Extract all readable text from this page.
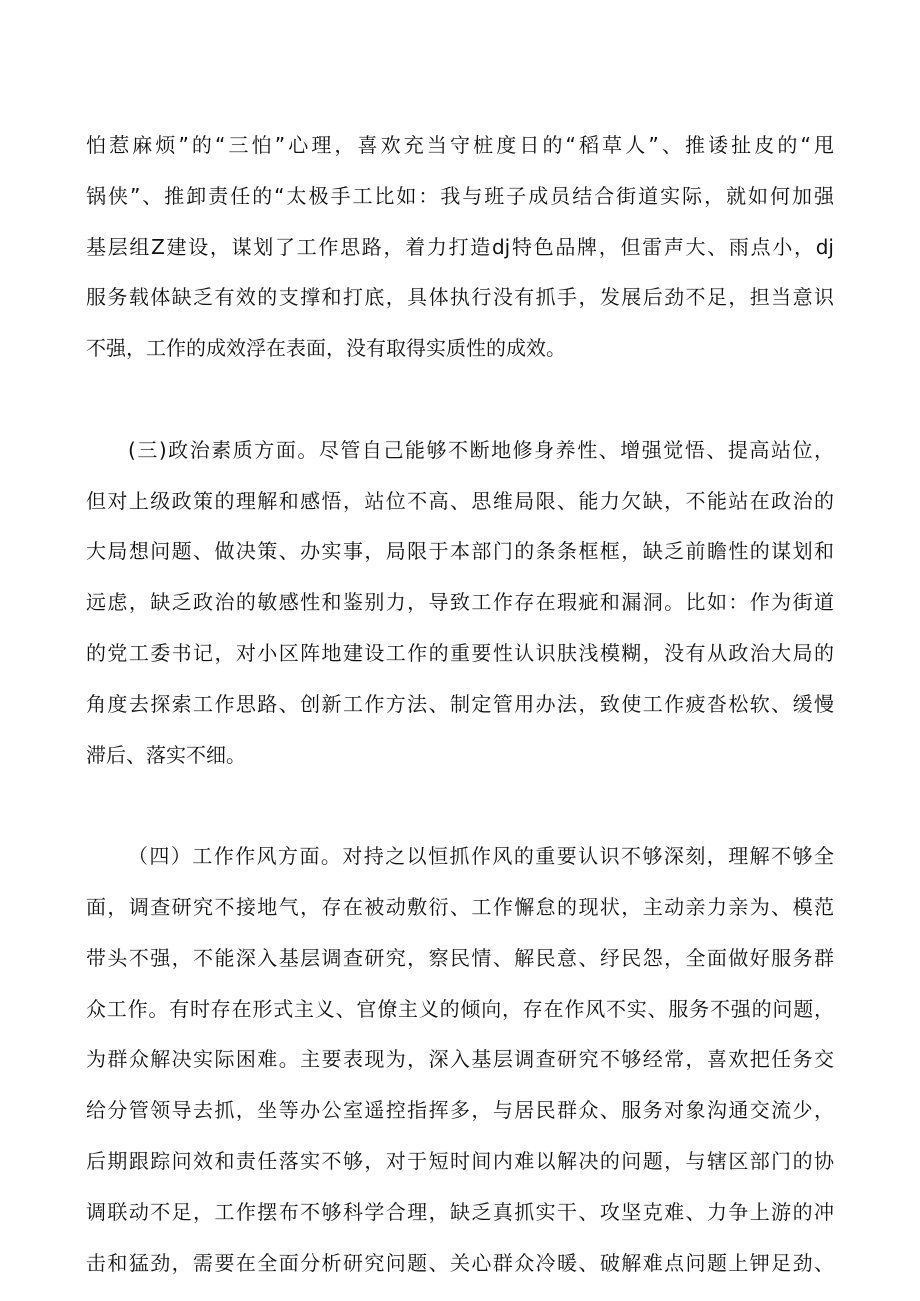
怕惹麻烦”的“三怕”心理，喜欢充当守桩度日的“稻草人”、推诿扯皮的“甩
锅侠”、推卸责任的“太极手工比如：我与班子成员结合街道实际，就如何加强
基层组Z建设，谋划了工作思路，着力打造dj特色品牌，但雷声大、雨点小，dj
服务载体缺乏有效的支撑和打底，具体执行没有抓手，发展后劲不足，担当意识
不强，工作的成效浮在表面，没有取得实质性的成效。
(三)政治素质方面。尽管自己能够不断地修身养性、增强觉悟、提高站位，
但对上级政策的理解和感悟，站位不高、思维局限、能力欠缺，不能站在政治的
大局想问题、做决策、办实事，局限于本部门的条条框框，缺乏前瞻性的谋划和
远虑，缺乏政治的敏感性和鉴别力，导致工作存在瑕疵和漏洞。比如：作为街道
的党工委书记，对小区阵地建设工作的重要性认识肤浅模糊，没有从政治大局的
角度去探索工作思路、创新工作方法、制定管用办法，致使工作疲沓松软、缓慢
滞后、落实不细。
（四）工作作风方面。对持之以恒抓作风的重要认识不够深刻，理解不够全
面，调查研究不接地气，存在被动敷衍、工作懈怠的现状，主动亲力亲为、模范
带头不强，不能深入基层调查研究，察民情、解民意、纾民怨，全面做好服务群
众工作。有时存在形式主义、官僚主义的倾向，存在作风不实、服务不强的问题，
为群众解决实际困难。主要表现为，深入基层调查研究不够经常，喜欢把任务交
给分管领导去抓，坐等办公室遥控指挥多，与居民群众、服务对象沟通交流少，
后期跟踪问效和责任落实不够，对于短时间内难以解决的问题，与辖区部门的协
调联动不足，工作摆布不够科学合理，缺乏真抓实干、攻坚克难、力争上游的冲
击和猛劲，需要在全面分析研究问题、关心群众冷暖、破解难点问题上钾足劲、
